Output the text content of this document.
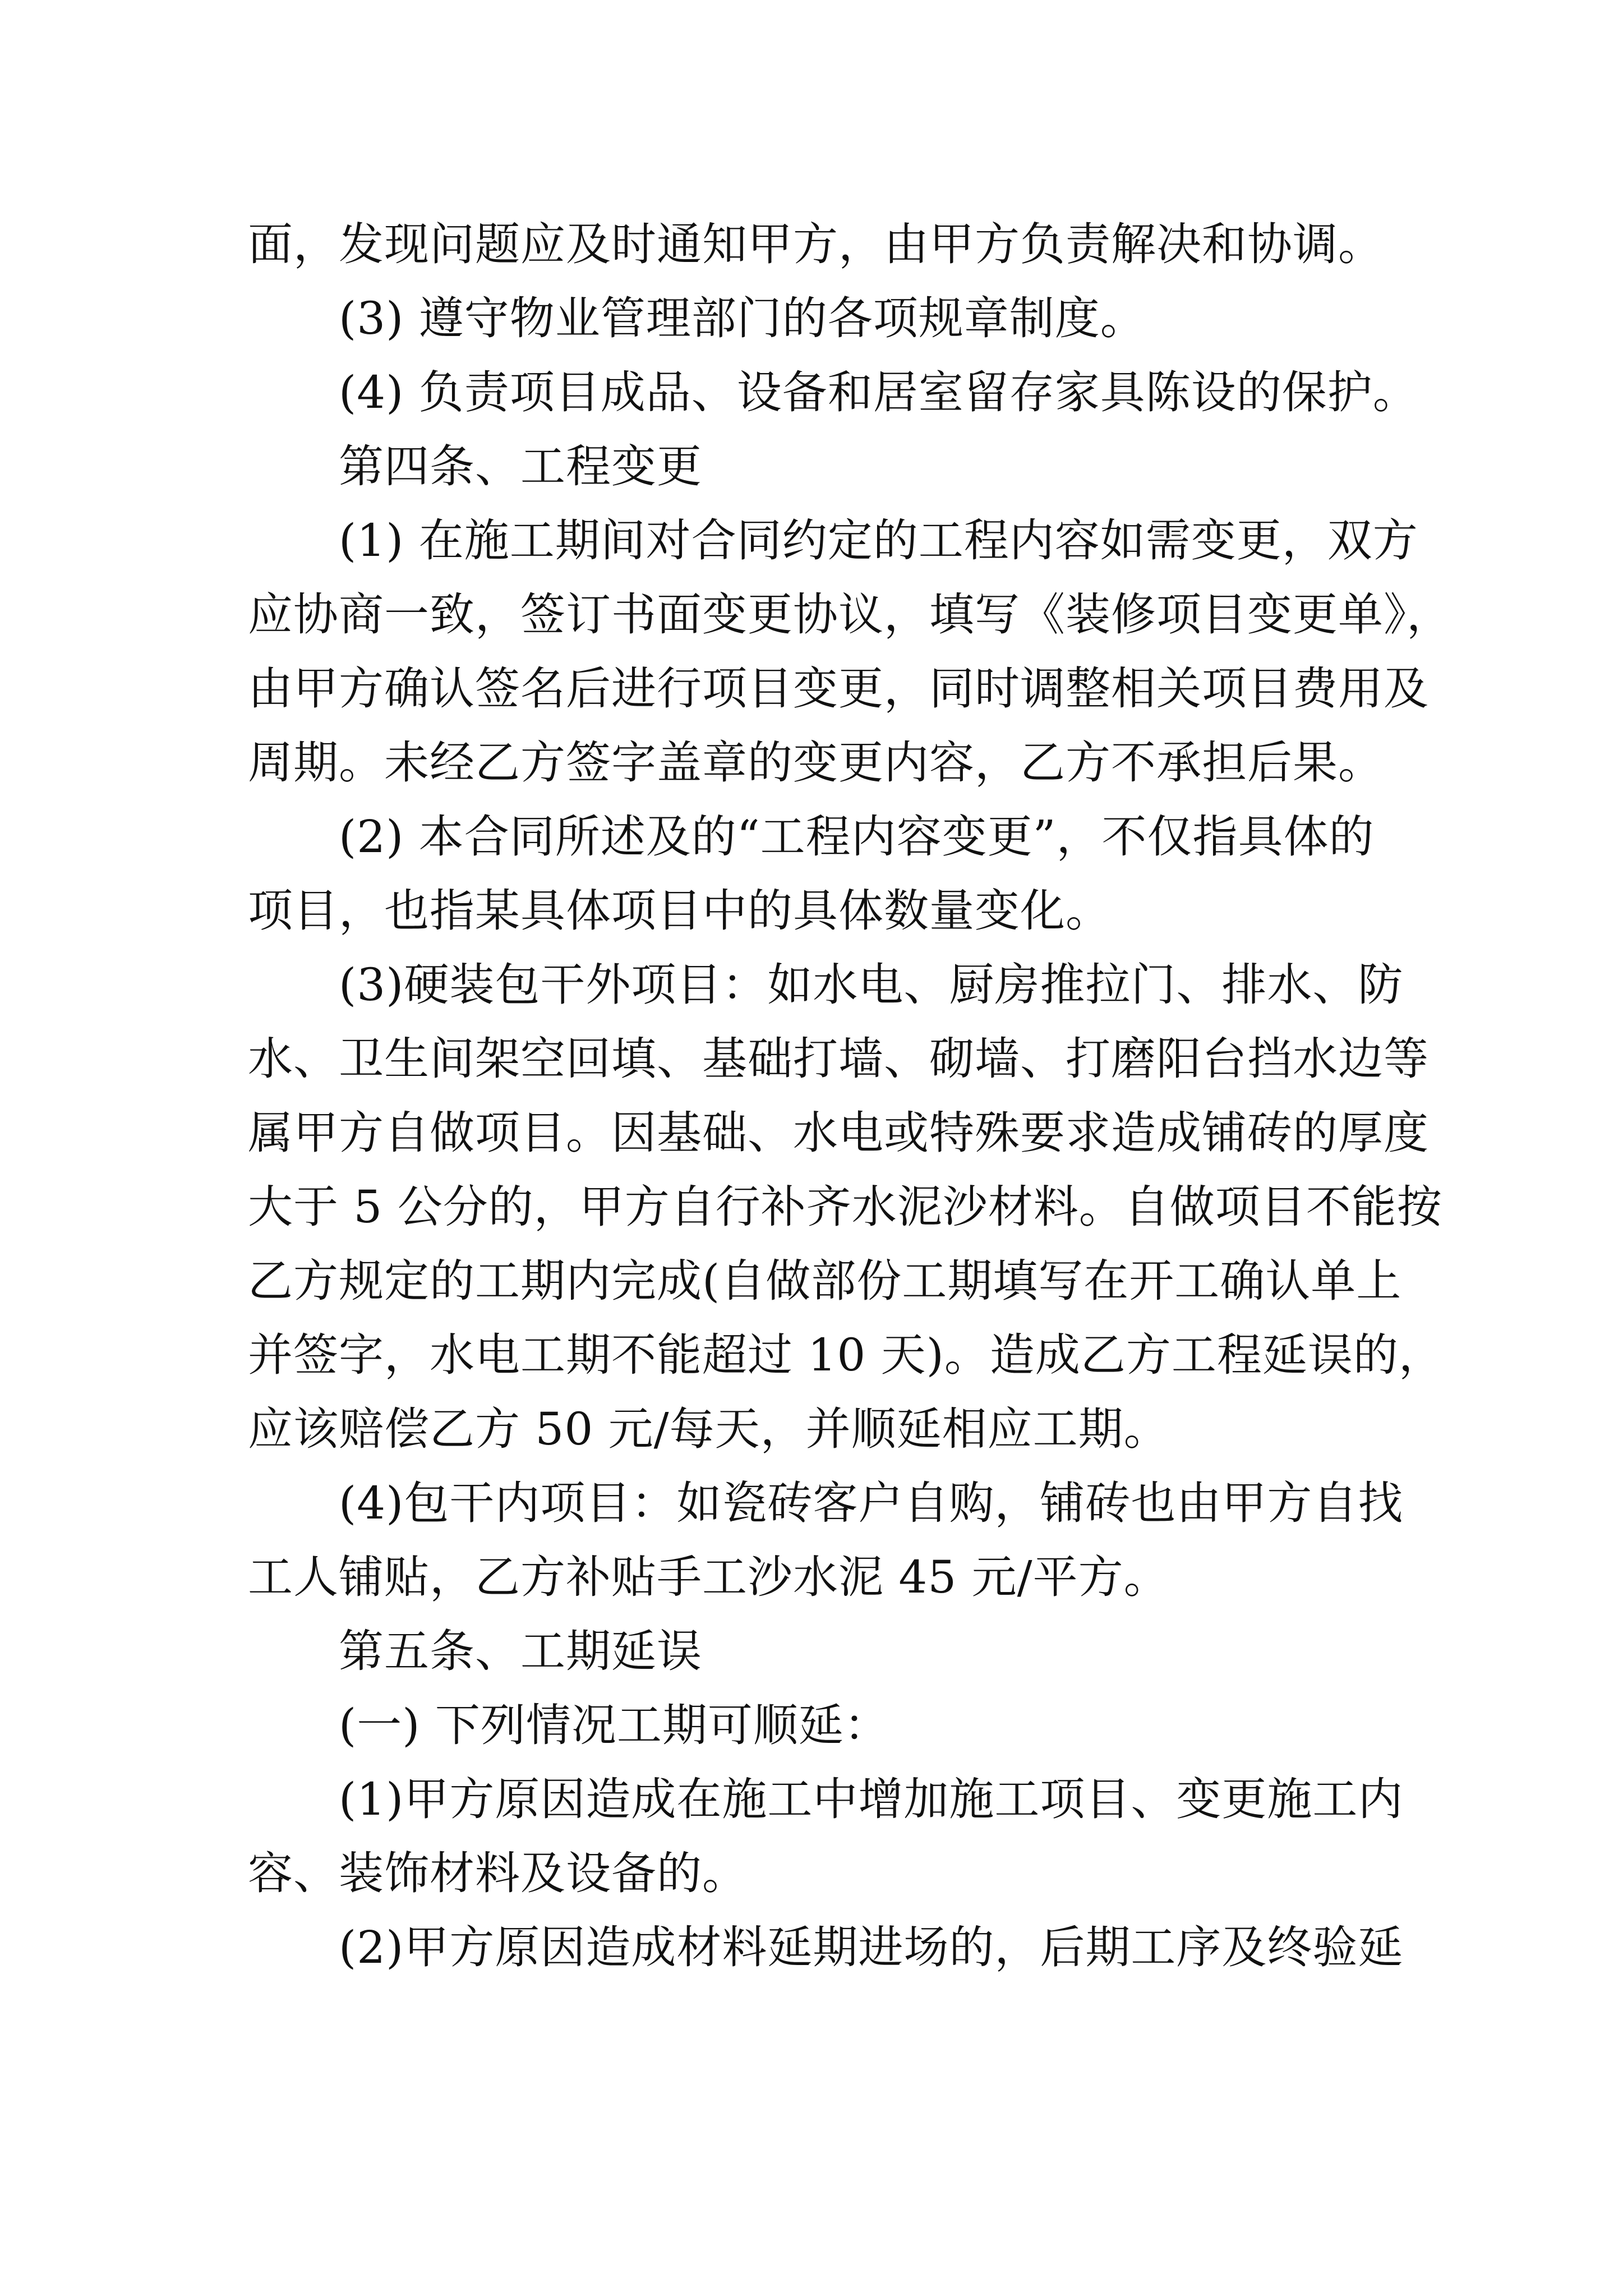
面，发现问题应及时通知甲方，由甲方负责解决和协调。
(3) 遵守物业管理部门的各项规章制度。
(4) 负责项目成品、设备和居室留存家具陈设的保护。
第四条、工程变更
(1) 在施工期间对合同约定的工程内容如需变更，双方
应协商一致，签订书面变更协议，填写《装修项目变更单》，
由甲方确认签名后进行项目变更，同时调整相关项目费用及
周期。未经乙方签字盖章的变更内容，乙方不承担后果。
(2) 本合同所述及的“工程内容变更”，不仅指具体的
项目，也指某具体项目中的具体数量变化。
(3)硬装包干外项目：如水电、厨房推拉门、排水、防
水、卫生间架空回填、基础打墙、砌墙、打磨阳台挡水边等
属甲方自做项目。因基础、水电或特殊要求造成铺砖的厚度
大于 5 公分的，甲方自行补齐水泥沙材料。自做项目不能按
乙方规定的工期内完成(自做部份工期填写在开工确认单上
并签字，水电工期不能超过 10 天)。造成乙方工程延误的，
应该赔偿乙方 50 元/每天，并顺延相应工期。
(4)包干内项目：如瓷砖客户自购，铺砖也由甲方自找
工人铺贴，乙方补贴手工沙水泥 45 元/平方。
第五条、工期延误
(一) 下列情况工期可顺延：
(1)甲方原因造成在施工中增加施工项目、变更施工内
容、装饰材料及设备的。
(2)甲方原因造成材料延期进场的，后期工序及终验延
